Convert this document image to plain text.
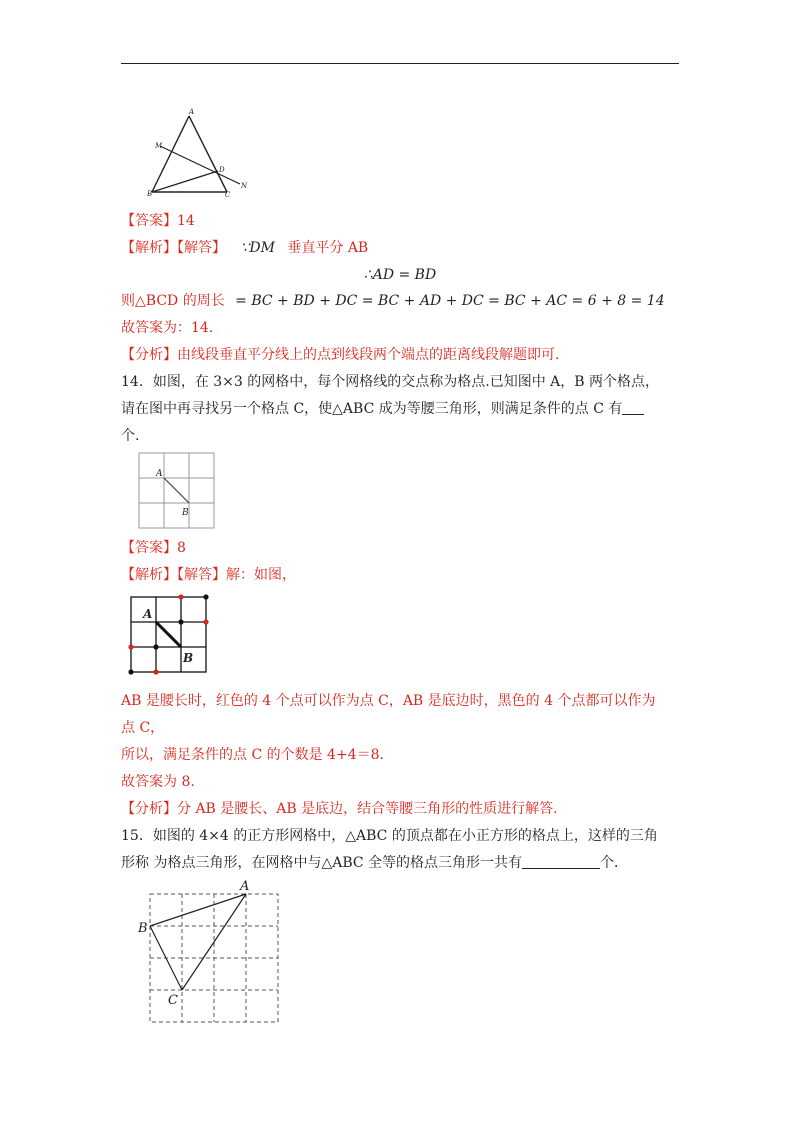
A
M
D
N
B	C
【答案】14
【解析】【解答】 ∵DM 垂直平分 AB
∴AD = BD
则△BCD 的周长 = BC + BD + DC = BC + AD + DC = BC + AC = 6 + 8 = 14
故答案为：14.
【分析】由线段垂直平分线上的点到线段两个端点的距离线段解题即可.
14．如图，在 3×3 的网格中，每个网格线的交点称为格点.已知图中 A，B 两个格点，
请在图中再寻找另一个格点 C，使△ABC 成为等腰三角形，则满足条件的点 C 有
个.
A
B
【答案】8
【解析】【解答】解：如图，
A
B
AB 是腰长时，红色的 4 个点可以作为点 C，AB 是底边时，黑色的 4 个点都可以作为
点 C，
所以，满足条件的点 C 的个数是 4+4＝8.
故答案为 8.
【分析】分 AB 是腰长、AB 是底边，结合等腰三角形的性质进行解答.
15．如图的 4×4 的正方形网格中，△ABC 的顶点都在小正方形的格点上，这样的三角
形称 为格点三角形，在网格中与△ABC 全等的格点三角形一共有	个．
A
B
C
